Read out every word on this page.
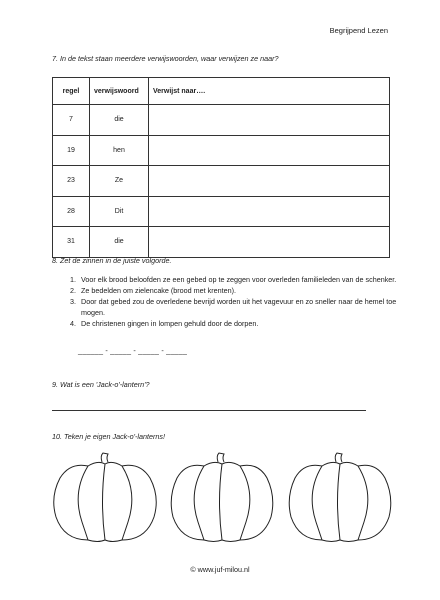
Begrijpend Lezen
7. In de tekst staan meerdere verwijswoorden, waar verwijzen ze naar?
regel	verwijswoord	Verwijst naar….
7	die	
19	hen	
23	Ze	
28	Dit	
31	die	
8. Zet de zinnen in de juiste volgorde.
1. Voor elk brood beloofden ze een gebed op te zeggen voor overleden familieleden van de schenker.
2. Ze bedelden om zielencake (brood met krenten).
3. Door dat gebed zou de overledene bevrijd worden uit het vagevuur en zo sneller naar de hemel toe mogen.
4. De christenen gingen in lompen gehuld door de dorpen.
______ - _____ - _____ - _____
9. Wat is een 'Jack-o'-lantern'?
10. Teken je eigen Jack-o'-lanterns!
© www.juf-milou.nl
